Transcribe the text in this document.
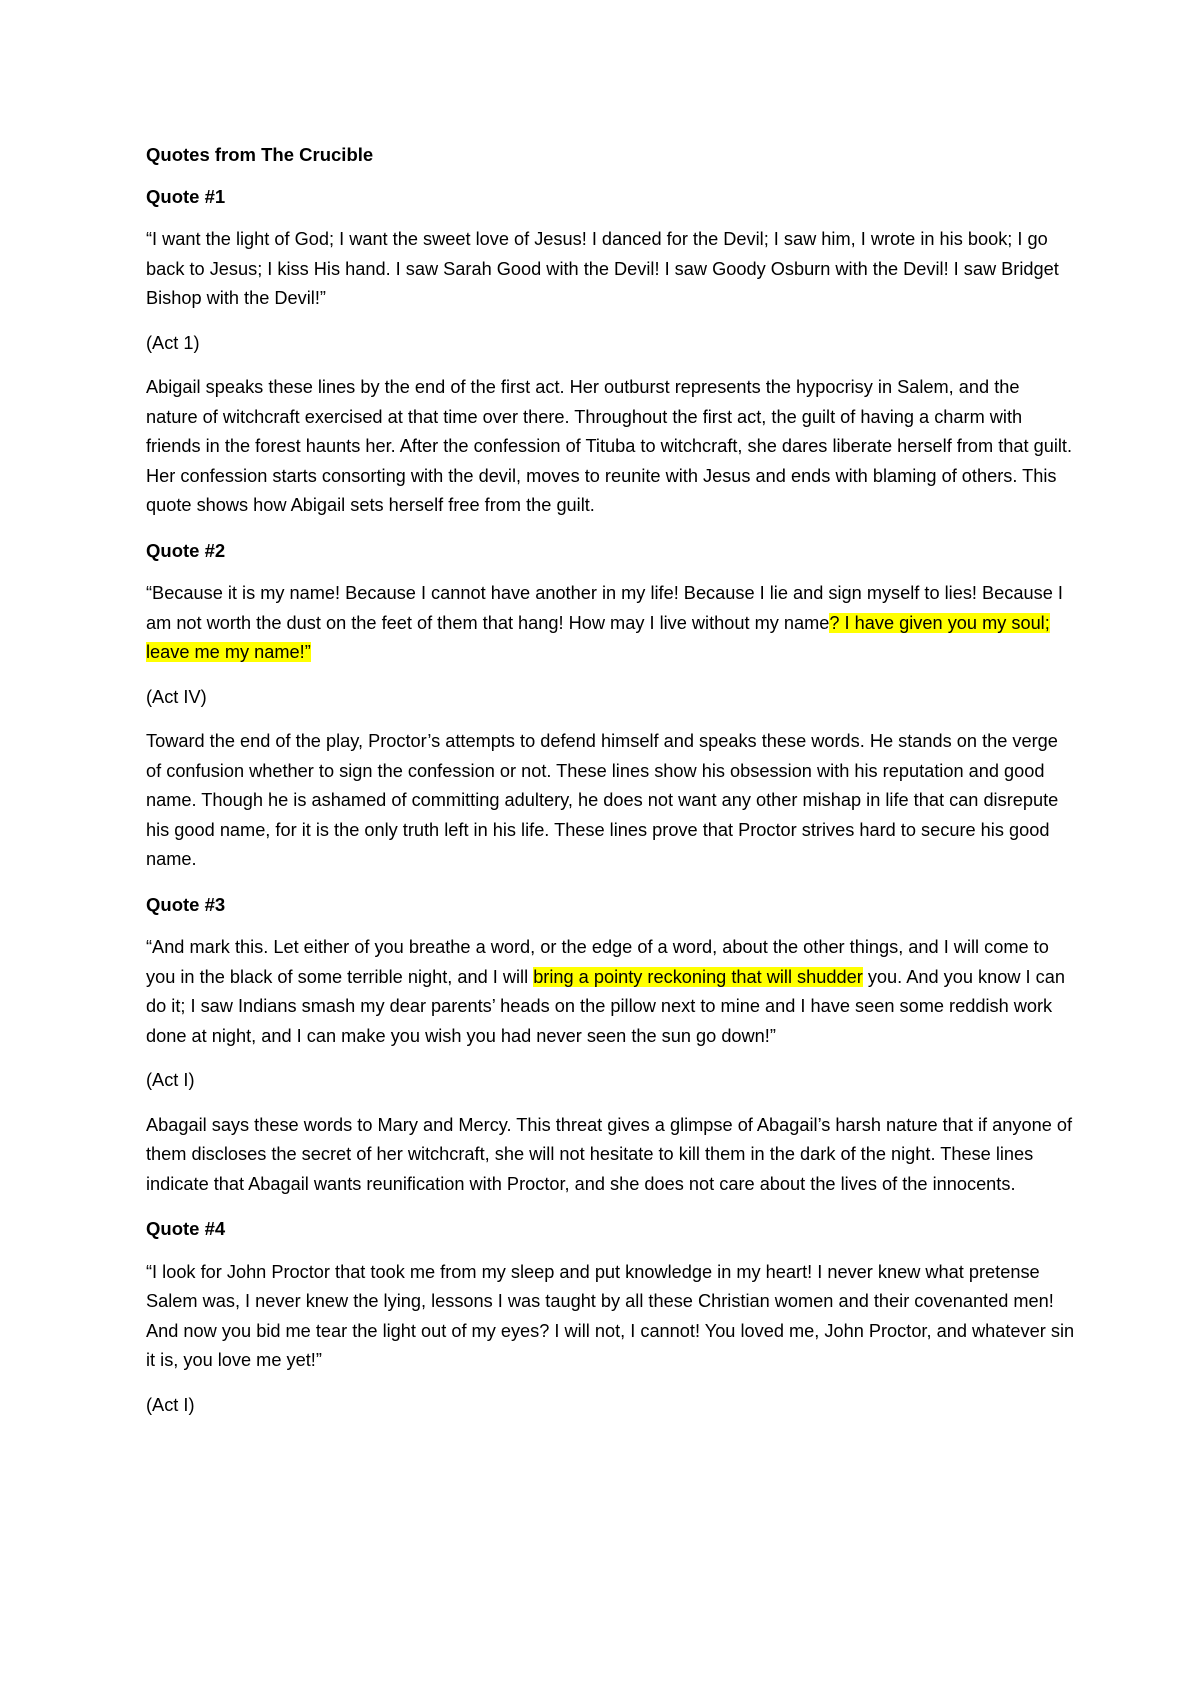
Quotes from The Crucible
Quote #1

“I want the light of God; I want the sweet love of Jesus! I danced for the Devil; I saw him, I wrote in his book; I go back to Jesus; I kiss His hand. I saw Sarah Good with the Devil! I saw Goody Osburn with the Devil! I saw Bridget Bishop with the Devil!”

(Act 1)

Abigail speaks these lines by the end of the first act. Her outburst represents the hypocrisy in Salem, and the nature of witchcraft exercised at that time over there. Throughout the first act, the guilt of having a charm with friends in the forest haunts her. After the confession of Tituba to witchcraft, she dares liberate herself from that guilt. Her confession starts consorting with the devil, moves to reunite with Jesus and ends with blaming of others. This quote shows how Abigail sets herself free from the guilt.

Quote #2

“Because it is my name! Because I cannot have another in my life! Because I lie and sign myself to lies! Because I am not worth the dust on the feet of them that hang! How may I live without my name? I have given you my soul; leave me my name!”

(Act IV)

Toward the end of the play, Proctor’s attempts to defend himself and speaks these words. He stands on the verge of confusion whether to sign the confession or not. These lines show his obsession with his reputation and good name. Though he is ashamed of committing adultery, he does not want any other mishap in life that can disrepute his good name, for it is the only truth left in his life. These lines prove that Proctor strives hard to secure his good name.

Quote #3

“And mark this. Let either of you breathe a word, or the edge of a word, about the other things, and I will come to you in the black of some terrible night, and I will bring a pointy reckoning that will shudder you. And you know I can do it; I saw Indians smash my dear parents’ heads on the pillow next to mine and I have seen some reddish work done at night, and I can make you wish you had never seen the sun go down!”

(Act I)

Abagail says these words to Mary and Mercy. This threat gives a glimpse of Abagail’s harsh nature that if anyone of them discloses the secret of her witchcraft, she will not hesitate to kill them in the dark of the night. These lines indicate that Abagail wants reunification with Proctor, and she does not care about the lives of the innocents.

Quote #4

“I look for John Proctor that took me from my sleep and put knowledge in my heart! I never knew what pretense Salem was, I never knew the lying, lessons I was taught by all these Christian women and their covenanted men! And now you bid me tear the light out of my eyes? I will not, I cannot! You loved me, John Proctor, and whatever sin it is, you love me yet!”

(Act I)
